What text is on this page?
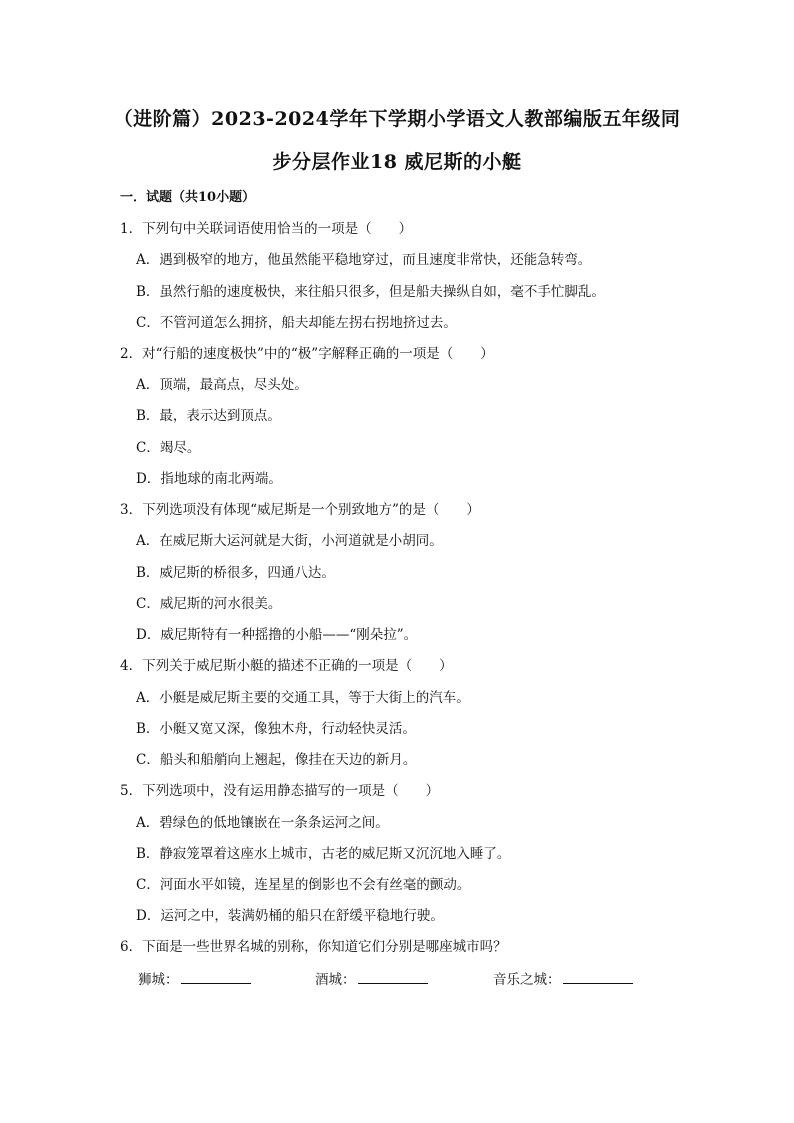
（进阶篇）2023-2024学年下学期小学语文人教部编版五年级同
步分层作业18 威尼斯的小艇
一．试题（共10小题）
1．下列句中关联词语使用恰当的一项是（　　）
A．遇到极窄的地方，他虽然能平稳地穿过，而且速度非常快，还能急转弯。
B．虽然行船的速度极快，来往船只很多，但是船夫操纵自如，毫不手忙脚乱。
C．不管河道怎么拥挤，船夫却能左拐右拐地挤过去。
2．对“行船的速度极快”中的“极”字解释正确的一项是（　　）
A．顶端，最高点，尽头处。
B．最，表示达到顶点。
C．竭尽。
D．指地球的南北两端。
3．下列选项没有体现“威尼斯是一个别致地方”的是（　　）
A．在威尼斯大运河就是大街，小河道就是小胡同。
B．威尼斯的桥很多，四通八达。
C．威尼斯的河水很美。
D．威尼斯特有一种摇撸的小船——“刚朵拉”。
4．下列关于威尼斯小艇的描述不正确的一项是（　　）
A．小艇是威尼斯主要的交通工具，等于大街上的汽车。
B．小艇又宽又深，像独木舟，行动轻快灵活。
C．船头和船艄向上翘起，像挂在天边的新月。
5．下列选项中，没有运用静态描写的一项是（　　）
A．碧绿色的低地镶嵌在一条条运河之间。
B．静寂笼罩着这座水上城市，古老的威尼斯又沉沉地入睡了。
C．河面水平如镜，连星星的倒影也不会有丝毫的颤动。
D．运河之中，装满奶桶的船只在舒缓平稳地行驶。
6．下面是一些世界名城的别称，你知道它们分别是哪座城市吗？
狮城：	酒城：	音乐之城：
